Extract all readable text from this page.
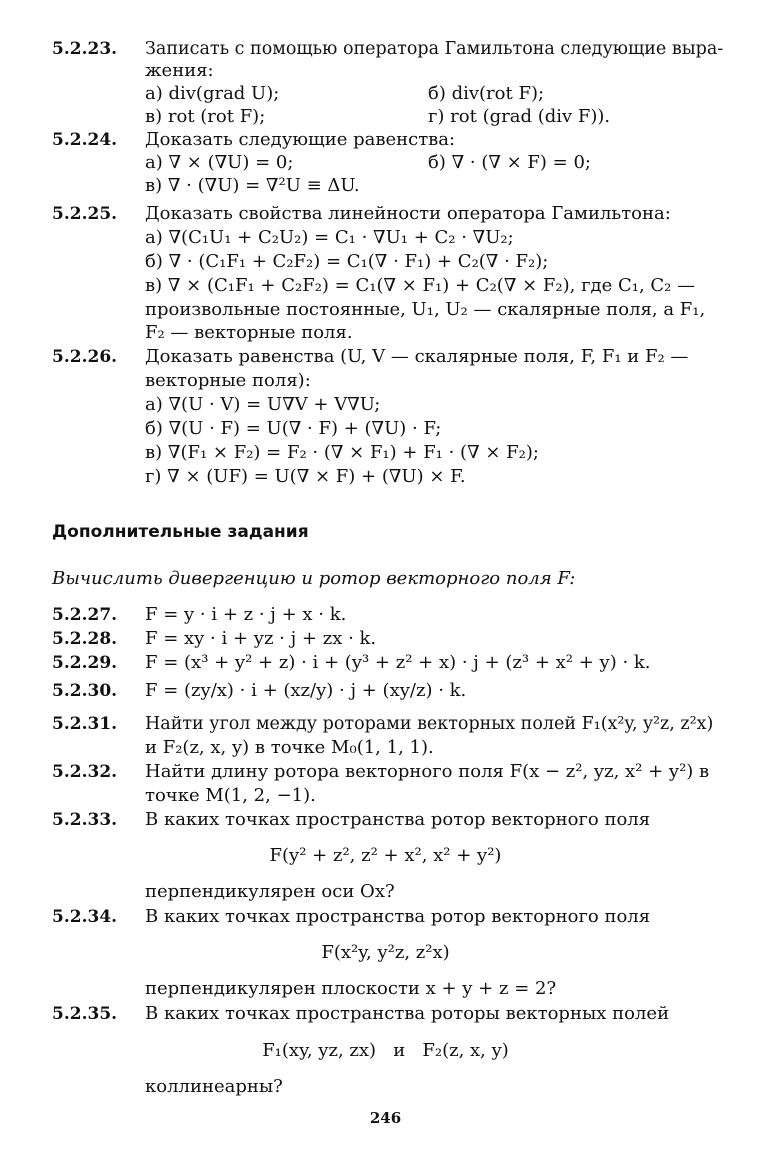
5.2.23. Записать с помощью оператора Гамильтона следующие выра-
жения:
а) div(grad U);	б) div(rot F);
в) rot (rot F);	г) rot (grad (div F)).
5.2.24. Доказать следующие равенства:
а) ∇ × (∇U) = 0;	б) ∇ · (∇ × F) = 0;
в) ∇ · (∇U) = ∇²U ≡ ΔU.
5.2.25. Доказать свойства линейности оператора Гамильтона:
а) ∇(C₁U₁ + C₂U₂) = C₁ · ∇U₁ + C₂ · ∇U₂;
б) ∇ · (C₁F₁ + C₂F₂) = C₁(∇ · F₁) + C₂(∇ · F₂);
в) ∇ × (C₁F₁ + C₂F₂) = C₁(∇ × F₁) + C₂(∇ × F₂), где C₁, C₂ —
произвольные постоянные, U₁, U₂ — скалярные поля, а F₁,
F₂ — векторные поля.
5.2.26. Доказать равенства (U, V — скалярные поля, F, F₁ и F₂ —
векторные поля):
а) ∇(U · V) = U∇V + V∇U;
б) ∇(U · F) = U(∇ · F) + (∇U) · F;
в) ∇(F₁ × F₂) = F₂ · (∇ × F₁) + F₁ · (∇ × F₂);
г) ∇ × (UF) = U(∇ × F) + (∇U) × F.
Дополнительные задания
Вычислить дивергенцию и ротор векторного поля F:
5.2.27. F = y · i + z · j + x · k.
5.2.28. F = xy · i + yz · j + zx · k.
5.2.29. F = (x³ + y² + z) · i + (y³ + z² + x) · j + (z³ + x² + y) · k.
5.2.30. F = (zy/x) · i + (xz/y) · j + (xy/z) · k.
5.2.31. Найти угол между роторами векторных полей F₁(x²y, y²z, z²x)
и F₂(z, x, y) в точке M₀(1, 1, 1).
5.2.32. Найти длину ротора векторного поля F(x − z², yz, x² + y²) в
точке M(1, 2, −1).
5.2.33. В каких точках пространства ротор векторного поля
F(y² + z², z² + x², x² + y²)
перпендикулярен оси Ox?
5.2.34. В каких точках пространства ротор векторного поля
F(x²y, y²z, z²x)
перпендикулярен плоскости x + y + z = 2?
5.2.35. В каких точках пространства роторы векторных полей
F₁(xy, yz, zx)   и   F₂(z, x, y)
коллинеарны?
246
